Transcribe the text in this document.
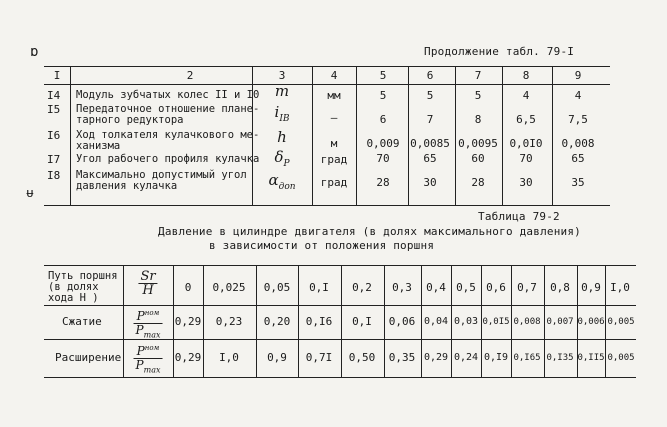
ɒ
ᵾ
Продолжение табл. 79-I
I	2	3	4	5	6	7	8	9
I4 Модуль зубчатых колес II и I0 m	мм	5	5	5	4	4
I5 Передаточное отношение плане-
тарного редуктора	$i_{IB}$	–	6	7	8	6,5	7,5
I6 Ход толкателя кулачкового ме-
ханизма	h	м	0,009 0,0085 0,0095 0,0I0 0,008
I7 Угол рабочего профиля кулачка $\delta_P$	град	70	65	60	70	65
I8 Максимально допустимый угол
давления кулачка	$\alpha_{доп}$ град	28	30	28	30	35
Таблица 79-2
Давление в цилиндре двигателя (в долях максимального давления)
в зависимости от положения поршня
Путь поршня
(в долях
хода H )
$\frac{Sr}{H} 0$ 0,025 0,05 0,I 0,2 0,3 0,4 0,5 0,6 0,7 0,8 0,9 I,0
Сжатие	$\frac{P^{ном}}{P_{max}} 0,29$ 0,23 0,20 0,I6 0,I 0,06 0,04 0,03 0,0I5 0,008 0,007 0,006 0,005
Расширение $\frac{P^{ном}}{P_{max}} 0,29$ I,0	0,9 0,7I 0,50 0,35 0,29 0,24 0,I9 0,I65 0,I35 0,II5 0,005
